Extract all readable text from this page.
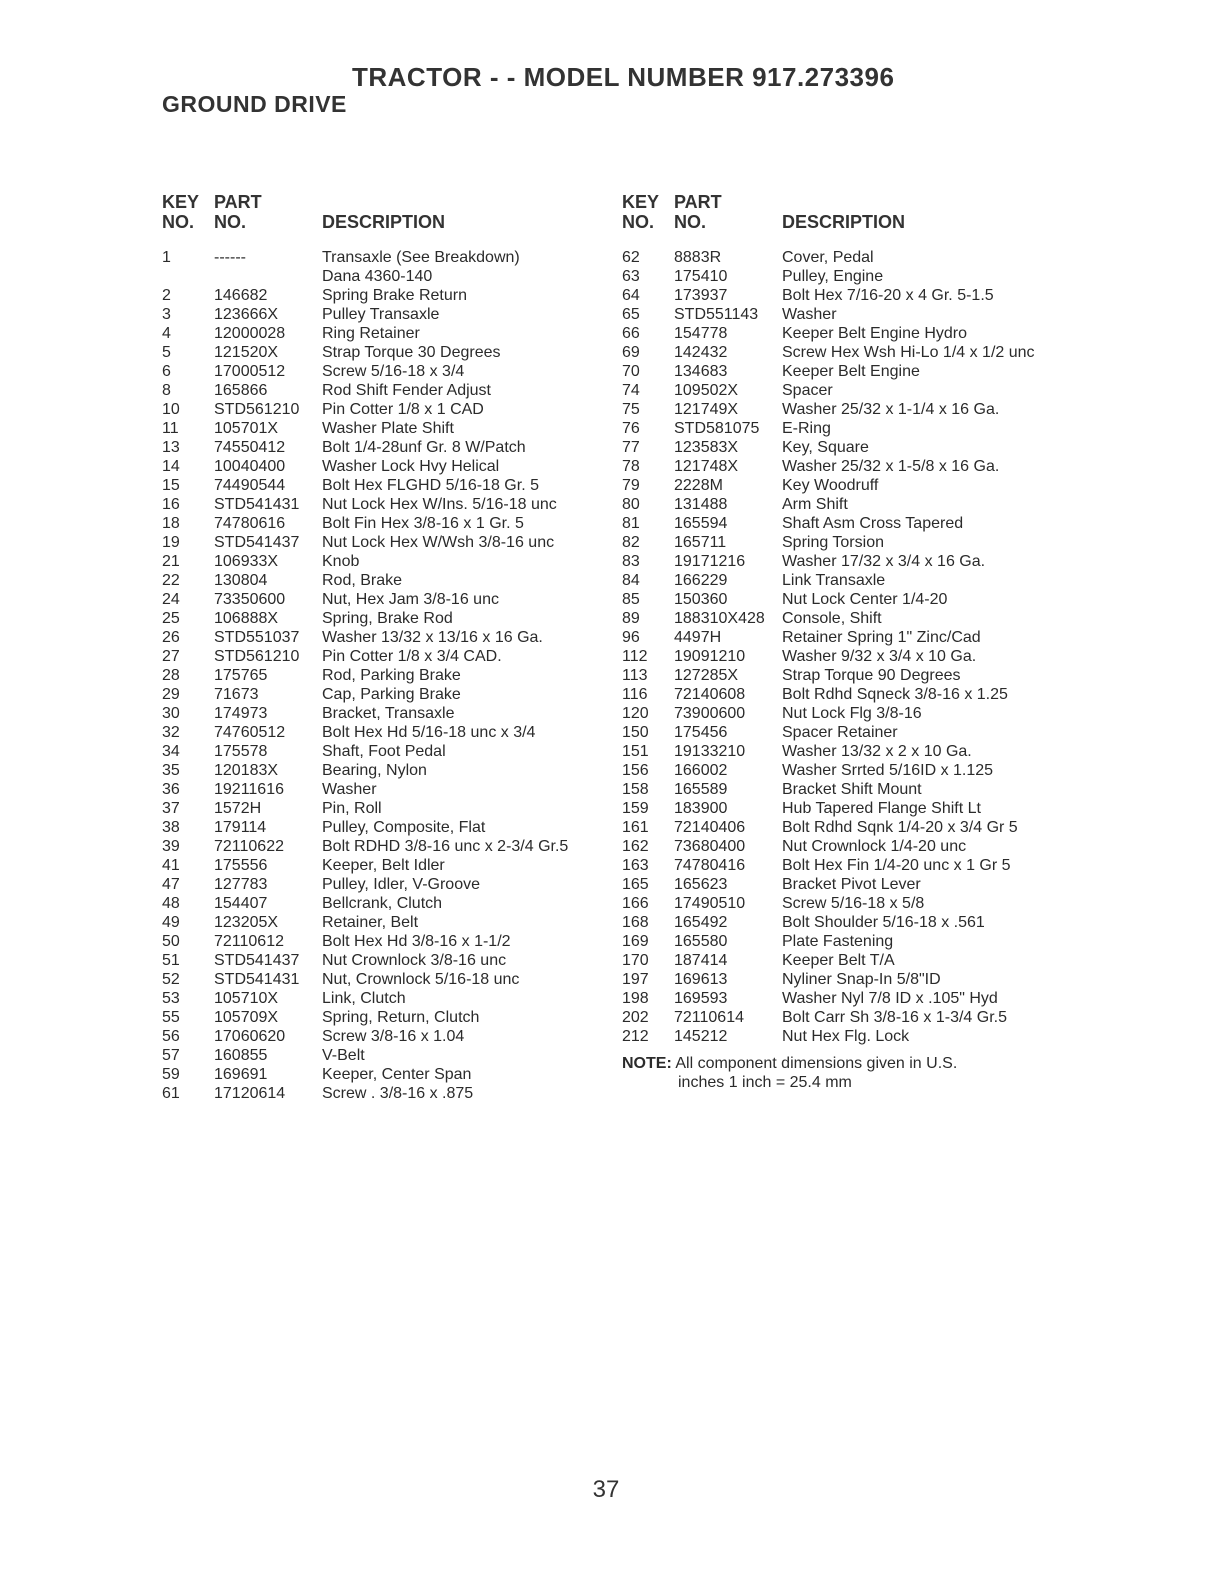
TRACTOR - - MODEL NUMBER 917.273396
GROUND DRIVE
KEY
NO.
PART
NO.	DESCRIPTION
1	------	Transaxle (See Breakdown)
Dana 4360-140
2	146682	Spring Brake Return
3	123666X	Pulley Transaxle
4	12000028 Ring Retainer
5	121520X	Strap Torque 30 Degrees
6	17000512 Screw 5/16-18 x 3/4
8	165866	Rod Shift Fender Adjust
10 STD561210 Pin Cotter 1/8 x 1 CAD
11 105701X	Washer Plate Shift
13 74550412 Bolt 1/4-28unf Gr. 8 W/Patch
14 10040400 Washer Lock Hvy Helical
15 74490544 Bolt Hex FLGHD 5/16-18 Gr. 5
16 STD541431 Nut Lock Hex W/Ins. 5/16-18 unc
18 74780616 Bolt Fin Hex 3/8-16 x 1 Gr. 5
19 STD541437 Nut Lock Hex W/Wsh 3/8-16 unc
21 106933X	Knob
22 130804	Rod, Brake
24 73350600 Nut, Hex Jam 3/8-16 unc
25 106888X	Spring, Brake Rod
26 STD551037 Washer 13/32 x 13/16 x 16 Ga.
27 STD561210 Pin Cotter 1/8 x 3/4 CAD.
28 175765	Rod, Parking Brake
29 71673	Cap, Parking Brake
30 174973	Bracket, Transaxle
32 74760512 Bolt Hex Hd 5/16-18 unc x 3/4
34 175578	Shaft, Foot Pedal
35 120183X	Bearing, Nylon
36 19211616 Washer
37 1572H	Pin, Roll
38 179114	Pulley, Composite, Flat
39 72110622 Bolt RDHD 3/8-16 unc x 2-3/4 Gr.5
41 175556	Keeper, Belt Idler
47 127783	Pulley, Idler, V-Groove
48 154407	Bellcrank, Clutch
49 123205X	Retainer, Belt
50 72110612 Bolt Hex Hd 3/8-16 x 1-1/2
51 STD541437 Nut Crownlock 3/8-16 unc
52 STD541431 Nut, Crownlock 5/16-18 unc
53 105710X	Link, Clutch
55 105709X	Spring, Return, Clutch
56 17060620 Screw 3/8-16 x 1.04
57 160855	V-Belt
59 169691	Keeper, Center Span
61 17120614 Screw . 3/8-16 x .875
KEY
NO.
PART
NO.	DESCRIPTION
62 8883R	Cover, Pedal
63 175410	Pulley, Engine
64 173937	Bolt Hex 7/16-20 x 4 Gr. 5-1.5
65 STD551143 Washer
66 154778	Keeper Belt Engine Hydro
69 142432	Screw Hex Wsh Hi-Lo 1/4 x 1/2 unc
70 134683	Keeper Belt Engine
74 109502X	Spacer
75 121749X	Washer 25/32 x 1-1/4 x 16 Ga.
76 STD581075 E-Ring
77 123583X	Key, Square
78 121748X	Washer 25/32 x 1-5/8 x 16 Ga.
79 2228M	Key Woodruff
80 131488	Arm Shift
81 165594	Shaft Asm Cross Tapered
82 165711	Spring Torsion
83 19171216 Washer 17/32 x 3/4 x 16 Ga.
84 166229	Link Transaxle
85 150360	Nut Lock Center 1/4-20
89 188310X428 Console, Shift
96 4497H	Retainer Spring 1" Zinc/Cad
112 19091210 Washer 9/32 x 3/4 x 10 Ga.
113 127285X	Strap Torque 90 Degrees
116 72140608 Bolt Rdhd Sqneck 3/8-16 x 1.25
120 73900600 Nut Lock Flg 3/8-16
150 175456	Spacer Retainer
151 19133210 Washer 13/32 x 2 x 10 Ga.
156 166002	Washer Srrted 5/16ID x 1.125
158 165589	Bracket Shift Mount
159 183900	Hub Tapered Flange Shift Lt
161 72140406 Bolt Rdhd Sqnk 1/4-20 x 3/4 Gr 5
162 73680400 Nut Crownlock 1/4-20 unc
163 74780416 Bolt Hex Fin 1/4-20 unc x 1 Gr 5
165 165623	Bracket Pivot Lever
166 17490510 Screw 5/16-18 x 5/8
168 165492	Bolt Shoulder 5/16-18 x .561
169 165580	Plate Fastening
170 187414	Keeper Belt T/A
197 169613	Nyliner Snap-In 5/8"ID
198 169593	Washer Nyl 7/8 ID x .105" Hyd
202 72110614 Bolt Carr Sh 3/8-16 x 1-3/4 Gr.5
212 145212	Nut Hex Flg. Lock
NOTE: All component dimensions given in U.S.
inches 1 inch = 25.4 mm
37
